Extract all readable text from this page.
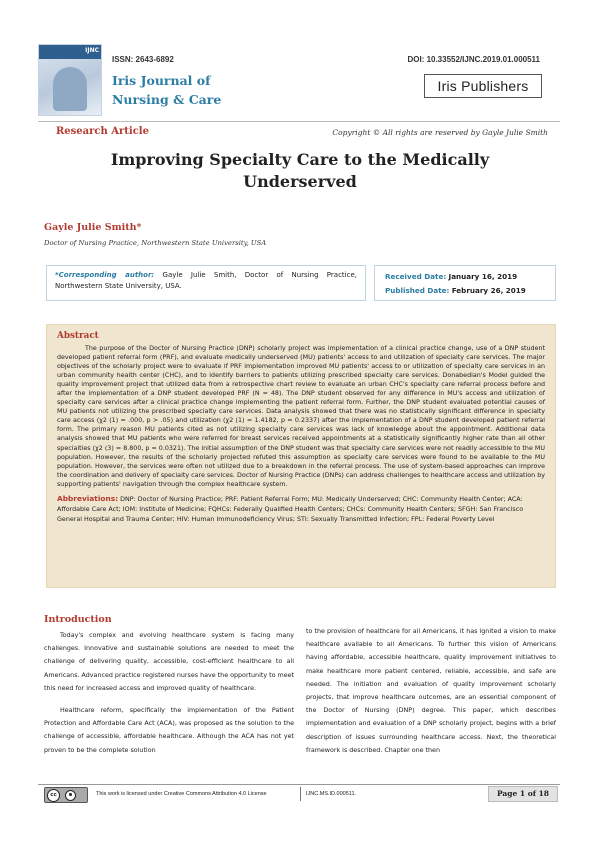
IJNC
ISSN: 2643-6892
Iris Journal of Nursing & Care
DOI: 10.33552/IJNC.2019.01.000511
Iris Publishers
Research Article	Copyright © All rights are reserved by Gayle Julie Smith
Improving Specialty Care to the Medically Underserved
Gayle Julie Smith*
Doctor of Nursing Practice, Northwestern State University, USA
*Corresponding author: Gayle Julie Smith, Doctor of Nursing Practice, Northwestern State University, USA.
Received Date: January 16, 2019
Published Date: February 26, 2019
Abstract

The purpose of the Doctor of Nursing Practice (DNP) scholarly project was implementation of a clinical practice change, use of a DNP student developed patient referral form (PRF), and evaluate medically underserved (MU) patients' access to and utilization of specialty care services. The major objectives of the scholarly project were to evaluate if PRF implementation improved MU patients' access to or utilization of specialty care services in an urban community health center (CHC), and to identify barriers to patients utilizing prescribed specialty care services. Donabedian's Model guided the quality improvement project that utilized data from a retrospective chart review to evaluate an urban CHC's specialty care referral process before and after the implementation of a DNP student developed PRF (N = 48). The DNP student observed for any difference in MU's access and utilization of specialty care services after a clinical practice change implementing the patient referral form. Further, the DNP student evaluated potential causes of MU patients not utilizing the prescribed specialty care services. Data analysis showed that there was no statistically significant difference in specialty care access (χ2 (1) = .000, p > .05) and utilization (χ2 (1) = 1.4182, p = 0.2337) after the implementation of a DNP student developed patient referral form. The primary reason MU patients cited as not utilizing specialty care services was lack of knowledge about the appointment. Additional data analysis showed that MU patients who were referred for breast services received appointments at a statistically significantly higher rate than all other specialties (χ2 (3) = 8.800, p = 0.0321). The initial assumption of the DNP student was that specialty care services were not readily accessible to the MU population. However, the results of the scholarly projected refuted this assumption as specialty care services were found to be available to the MU population. However, the services were often not utilized due to a breakdown in the referral process. The use of system-based approaches can improve the coordination and delivery of specialty care services. Doctor of Nursing Practice (DNPs) can address challenges to healthcare access and utilization by supporting patients' navigation through the complex healthcare system.

Abbreviations: DNP: Doctor of Nursing Practice; PRF: Patient Referral Form; MU: Medically Underserved; CHC: Community Health Center; ACA: Affordable Care Act; IOM: Institute of Medicine; FQHCs: Federally Qualified Health Centers; CHCs: Community Health Centers; SFGH: San Francisco General Hospital and Trauma Center; HIV: Human Immunodeficiency Virus; STI: Sexually Transmitted Infection; FPL: Federal Poverty Level

Introduction

Today's complex and evolving healthcare system is facing many challenges. Innovative and sustainable solutions are needed to meet the challenge of delivering quality, accessible, cost-efficient healthcare to all Americans. Advanced practice registered nurses have the opportunity to meet this need for increased access and improved quality of healthcare.

Healthcare reform, specifically the implementation of the Patient Protection and Affordable Care Act (ACA), was proposed as the solution to the challenge of accessible, affordable healthcare. Although the ACA has not yet proven to be the complete solution

to the provision of healthcare for all Americans, it has ignited a vision to make healthcare available to all Americans. To further this vision of Americans having affordable, accessible healthcare, quality improvement initiatives to make healthcare more patient centered, reliable, accessible, and safe are needed. The initiation and evaluation of quality improvement scholarly projects, that improve healthcare outcomes, are an essential component of the Doctor of Nursing (DNP) degree. This paper, which describes implementation and evaluation of a DNP scholarly project, begins with a brief description of issues surrounding healthcare access. Next, the theoretical framework is described. Chapter one then

cc	This work is licensed under Creative Commons Attribution 4.0 License	IJNC.MS.ID.000511.	Page 1 of 18
